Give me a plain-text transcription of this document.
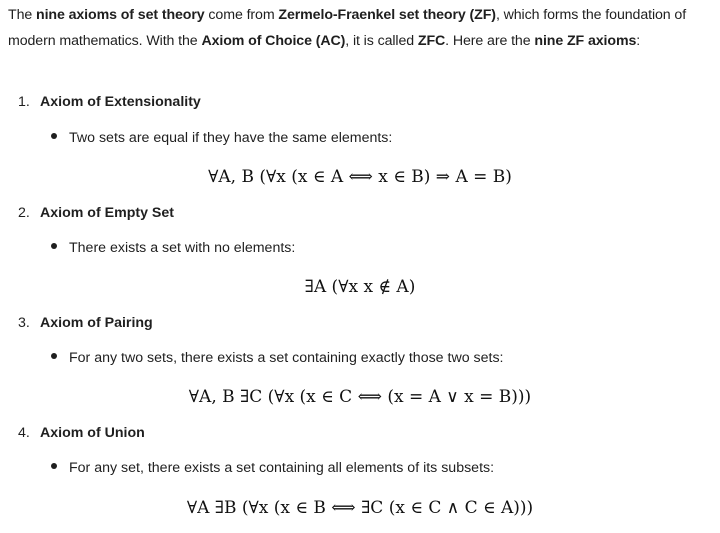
The nine axioms of set theory come from Zermelo-Fraenkel set theory (ZF), which forms the foundation of modern mathematics. With the Axiom of Choice (AC), it is called ZFC. Here are the nine ZF axioms:
1. Axiom of Extensionality
Two sets are equal if they have the same elements:
∀A, B (∀x (x ∈ A ⟺ x ∈ B) ⇒ A = B)
2. Axiom of Empty Set
There exists a set with no elements:
∃A (∀x x ∉ A)
3. Axiom of Pairing
For any two sets, there exists a set containing exactly those two sets:
∀A, B ∃C (∀x (x ∈ C ⟺ (x = A ∨ x = B)))
4. Axiom of Union
For any set, there exists a set containing all elements of its subsets:
∀A ∃B (∀x (x ∈ B ⟺ ∃C (x ∈ C ∧ C ∈ A)))
